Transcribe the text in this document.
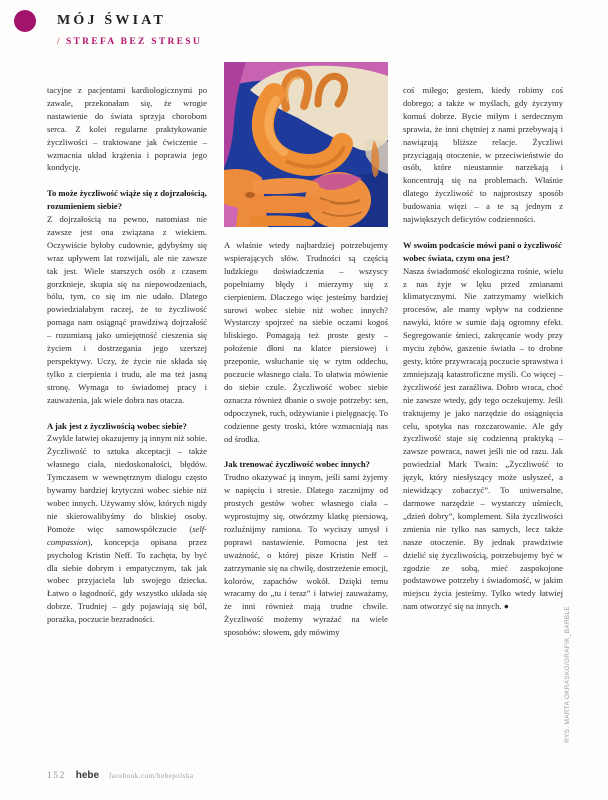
MÓJ ŚWIAT
/ STREFA BEZ STRESU

tacyjne z pacjentami kardiologicznymi po zawale, przekonałam się, że wrogie nastawienie do świata sprzyja chorobom serca. Z kolei regularne praktykowanie życzliwości – traktowane jak ćwiczenie – wzmacnia układ krążenia i poprawia jego kondycję.

To może życzliwość wiąże się z dojrzałością, rozumieniem siebie?

Z dojrzałością na pewno, natomiast nie zawsze jest ona związana z wiekiem. Oczywiście byłoby cudownie, gdybyśmy się wraz upływem lat rozwijali, ale nie zawsze tak jest. Wiele starszych osób z czasem gorzknieje, skupia się na niepowodzeniach, bólu, tym, co się im nie udało. Dlatego powiedziałabym raczej, że to życzliwość pomaga nam osiągnąć prawdziwą dojrzałość – rozumianą jako umiejętność cieszenia się życiem i dostrzegania jego szerszej perspektywy. Uczy, że życie nie składa się tylko z cierpienia i trudu, ale ma też jasną stronę. Wymaga to świadomej pracy i zauważenia, jak wiele dobra nas otacza.

A jak jest z życzliwością wobec siebie?

Zwykle łatwiej okazujemy ją innym niż sobie. Życzliwość to sztuka akceptacji – także własnego ciała, niedoskonałości, błędów. Tymczasem w wewnętrznym dialogu często bywamy bardziej krytyczni wobec siebie niż wobec innych. Używamy słów, których nigdy nie skierowalibyśmy do bliskiej osoby. Pomoże więc samowspółczucie (self-compassion), koncepcja opisana przez psycholog Kristin Neff. To zachęta, by być dla siebie dobrym i empatycznym, tak jak wobec przyjaciela lub swojego dziecka. Łatwo o łagodność, gdy wszystko układa się dobrze. Trudniej – gdy pojawiają się ból, porażka, poczucie bezradności.

A właśnie wtedy najbardziej potrzebujemy wspierających słów. Trudności są częścią ludzkiego doświadczenia – wszyscy popełniamy błędy i mierzymy się z cierpieniem. Dlaczego więc jesteśmy bardziej surowi wobec siebie niż wobec innych? Wystarczy spojrzeć na siebie oczami kogoś bliskiego. Pomagają też proste gesty – położenie dłoni na klatce piersiowej i przeponie, wsłuchanie się w rytm oddechu, poczucie własnego ciała. To ułatwia mówienie do siebie czule. Życzliwość wobec siebie oznacza również dbanie o swoje potrzeby: sen, odpoczynek, ruch, odżywianie i pielęgnację. To codzienne gesty troski, które wzmacniają nas od środka.

Jak trenować życzliwość wobec innych?

Trudno okazywać ją innym, jeśli sami żyjemy w napięciu i stresie. Dlatego zacznijmy od prostych gestów wobec własnego ciała – wyprostujmy się, otwórzmy klatkę piersiową, rozluźnijmy ramiona. To wyciszy umysł i poprawi nastawienie. Pomocna jest też uważność, o której pisze Kristin Neff – zatrzymanie się na chwilę, dostrzeżenie emocji, kolorów, zapachów wokół. Dzięki temu wracamy do „tu i teraz” i łatwiej zauważamy, że inni również mają trudne chwile. Życzliwość możemy wyrażać na wiele sposobów: słowem, gdy mówimy

coś miłego; gestem, kiedy robimy coś dobrego; a także w myślach, gdy życzymy komuś dobrze. Bycie miłym i serdecznym sprawia, że inni chętniej z nami przebywają i nawiązują bliższe relacje. Życzliwi przyciągają otoczenie, w przeciwieństwie do osób, które nieustannie narzekają i koncentrują się na problemach. Właśnie dlatego życzliwość to najprostszy sposób budowania więzi – a te są jednym z największych deficytów codzienności.

W swoim podcaście mówi pani o życzliwość wobec świata, czym ona jest?

Nasza świadomość ekologiczna rośnie, wielu z nas żyje w lęku przed zmianami klimatycznymi. Nie zatrzymamy wielkich procesów, ale mamy wpływ na codzienne nawyki, które w sumie dają ogromny efekt. Segregowanie śmieci, zakręcanie wody przy myciu zębów, gaszenie światła – to drobne gesty, które przywracają poczucie sprawstwa i zmniejszają katastroficzne myśli. Co więcej – życzliwość jest zaraźliwa. Dobro wraca, choć nie zawsze wtedy, gdy tego oczekujemy. Jeśli traktujemy je jako narzędzie do osiągnięcia celu, spotyka nas rozczarowanie. Ale gdy życzliwość staje się codzienną praktyką – zawsze powraca, nawet jeśli nie od razu. Jak powiedział Mark Twain: „Życzliwość to język, który niesłyszący może usłyszeć, a niewidzący zobaczyć”. To uniwersalne, darmowe narzędzie – wystarczy uśmiech, „dzień dobry”, komplement. Siła życzliwości zmienia nie tylko nas samych, lecz także nasze otoczenie. By jednak prawdziwie dzielić się życzliwością, potrzebujemy być w zgodzie ze sobą, mieć zaspokojone podstawowe potrzeby i świadomość, w jakim miejscu życia jesteśmy. Tylko wtedy łatwiej nam otworzyć się na innych. ●

RYS. MARTA OKRASKO/GRAFIK_BARBLE
152 hebe facebook.com/hebepolska
